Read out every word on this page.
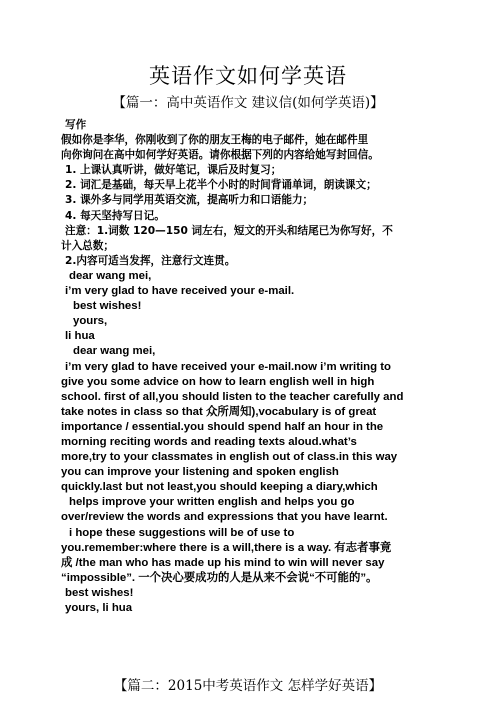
英语作文如何学英语
【篇一：高中英语作文 建议信(如何学英语)】
写作
假如你是李华，你刚收到了你的朋友王梅的电子邮件，她在邮件里
向你询问在高中如何学好英语。请你根据下列的内容给她写封回信。
1. 上课认真听讲，做好笔记，课后及时复习；
2. 词汇是基础，每天早上花半个小时的时间背诵单词，朗读课文；
3. 课外多与同学用英语交流，提高听力和口语能力；
4. 每天坚持写日记。
注意：1.词数 120—150 词左右，短文的开头和结尾已为你写好，不
计入总数；
2.内容可适当发挥，注意行文连贯。
dear wang mei,
i’m very glad to have received your e-mail.
best wishes!
yours,
li hua
dear wang mei,
i’m very glad to have received your e-mail.now i’m writing to
give you some advice on how to learn english well in high
school. first of all,you should listen to the teacher carefully and
take notes in class so that 众所周知),vocabulary is of great
importance / essential.you should spend half an hour in the
morning reciting words and reading texts aloud.what’s
more,try to your classmates in english out of class.in this way
you can improve your listening and spoken english
quickly.last but not least,you should keeping a diary,which
helps improve your written english and helps you go
over/review the words and expressions that you have learnt.
i hope these suggestions will be of use to
you.remember:where there is a will,there is a way. 有志者事竟
成 /the man who has made up his mind to win will never say
“impossible”. 一个决心要成功的人是从来不会说“不可能的”。
best wishes!
yours, li hua
【篇二：2015中考英语作文 怎样学好英语】
